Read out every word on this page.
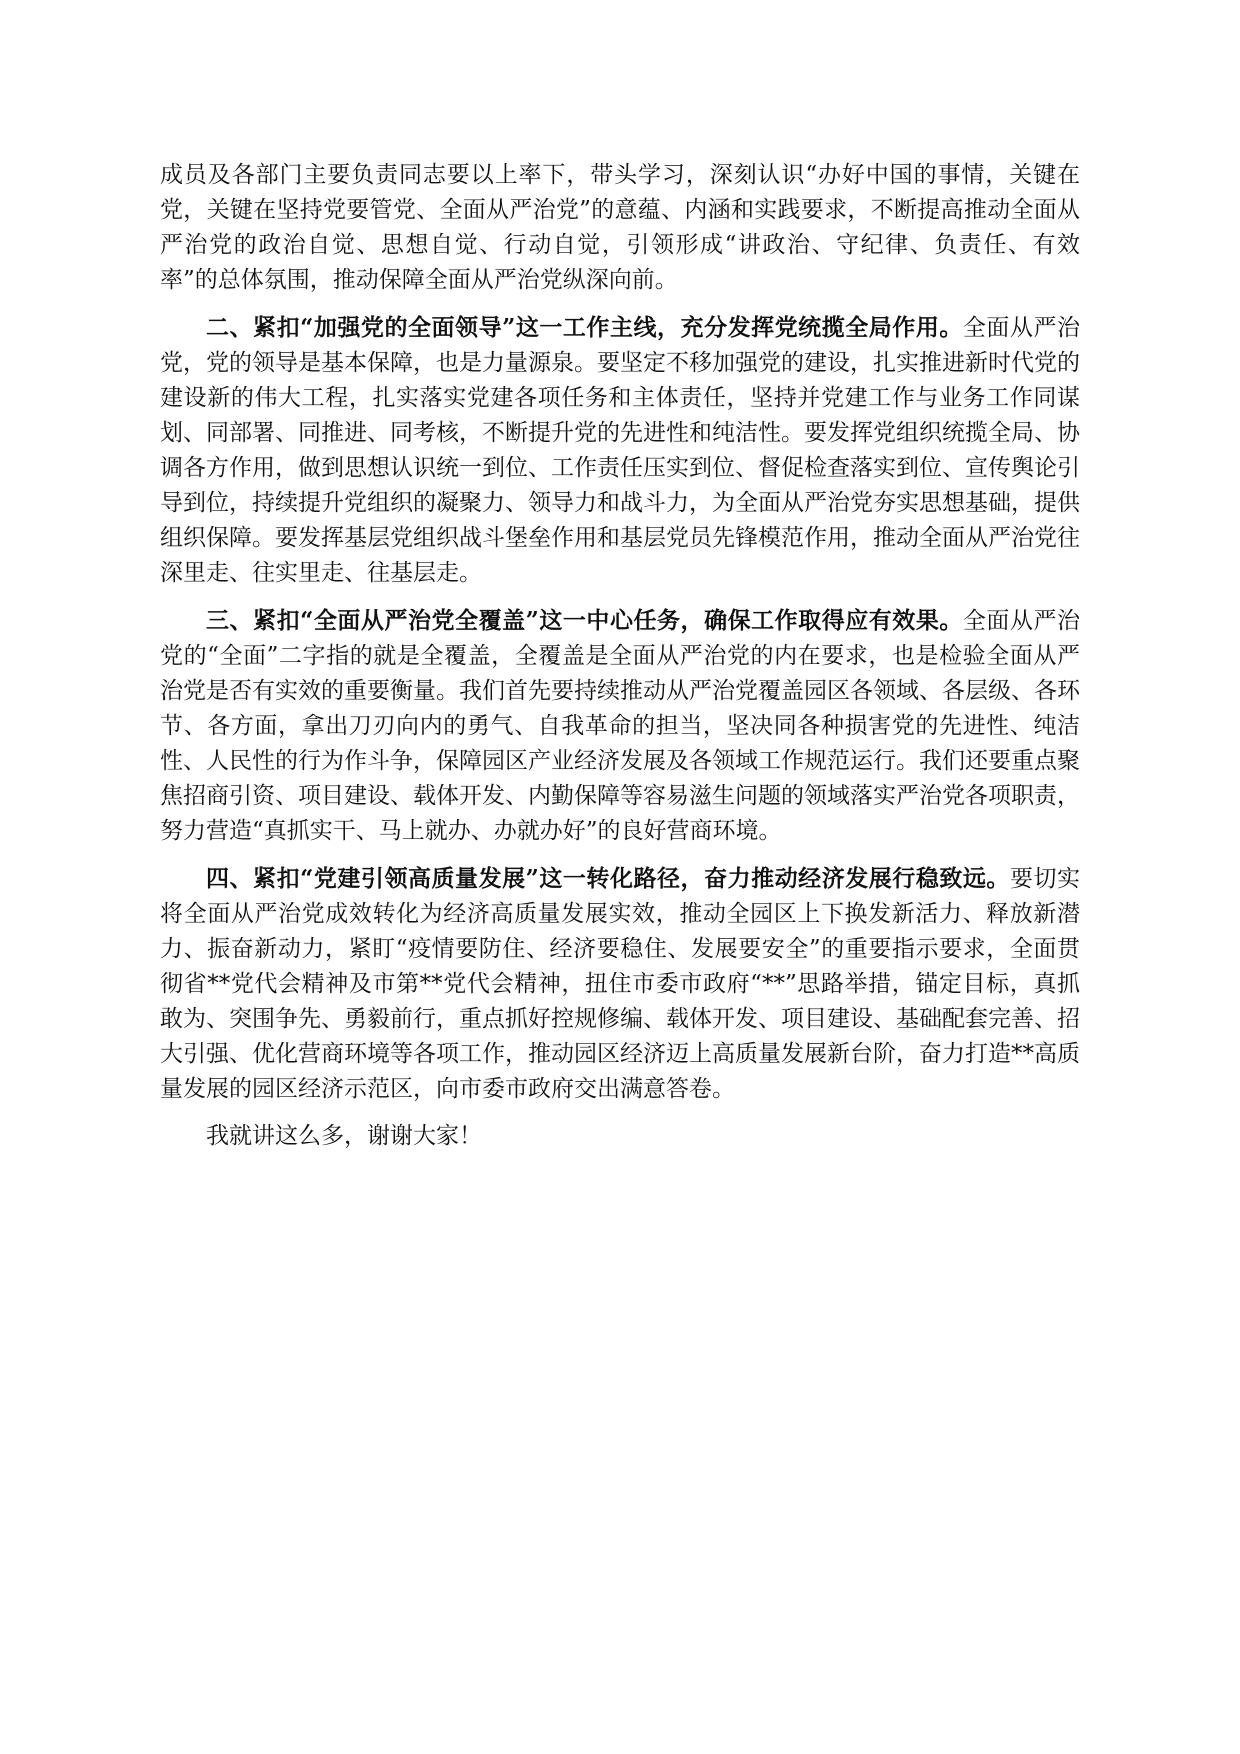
成员及各部门主要负责同志要以上率下，带头学习，深刻认识“办好中国的事情，关键在党，关键在坚持党要管党、全面从严治党”的意蕴、内涵和实践要求，不断提高推动全面从严治党的政治自觉、思想自觉、行动自觉，引领形成“讲政治、守纪律、负责任、有效率”的总体氛围，推动保障全面从严治党纵深向前。

二、紧扣“加强党的全面领导”这一工作主线，充分发挥党统揽全局作用。全面从严治党，党的领导是基本保障，也是力量源泉。要坚定不移加强党的建设，扎实推进新时代党的建设新的伟大工程，扎实落实党建各项任务和主体责任，坚持并党建工作与业务工作同谋划、同部署、同推进、同考核，不断提升党的先进性和纯洁性。要发挥党组织统揽全局、协调各方作用，做到思想认识统一到位、工作责任压实到位、督促检查落实到位、宣传舆论引导到位，持续提升党组织的凝聚力、领导力和战斗力，为全面从严治党夯实思想基础，提供组织保障。要发挥基层党组织战斗堡垒作用和基层党员先锋模范作用，推动全面从严治党往深里走、往实里走、往基层走。

三、紧扣“全面从严治党全覆盖”这一中心任务，确保工作取得应有效果。全面从严治党的“全面”二字指的就是全覆盖，全覆盖是全面从严治党的内在要求，也是检验全面从严治党是否有实效的重要衡量。我们首先要持续推动从严治党覆盖园区各领域、各层级、各环节、各方面，拿出刀刃向内的勇气、自我革命的担当，坚决同各种损害党的先进性、纯洁性、人民性的行为作斗争，保障园区产业经济发展及各领域工作规范运行。我们还要重点聚焦招商引资、项目建设、载体开发、内勤保障等容易滋生问题的领域落实严治党各项职责，努力营造“真抓实干、马上就办、办就办好”的良好营商环境。

四、紧扣“党建引领高质量发展”这一转化路径，奋力推动经济发展行稳致远。要切实将全面从严治党成效转化为经济高质量发展实效，推动全园区上下换发新活力、释放新潜力、振奋新动力，紧盯“疫情要防住、经济要稳住、发展要安全”的重要指示要求，全面贯彻省**党代会精神及市第**党代会精神，扭住市委市政府“**”思路举措，锚定目标，真抓敢为、突围争先、勇毅前行，重点抓好控规修编、载体开发、项目建设、基础配套完善、招大引强、优化营商环境等各项工作，推动园区经济迈上高质量发展新台阶，奋力打造**高质量发展的园区经济示范区，向市委市政府交出满意答卷。

我就讲这么多，谢谢大家！
